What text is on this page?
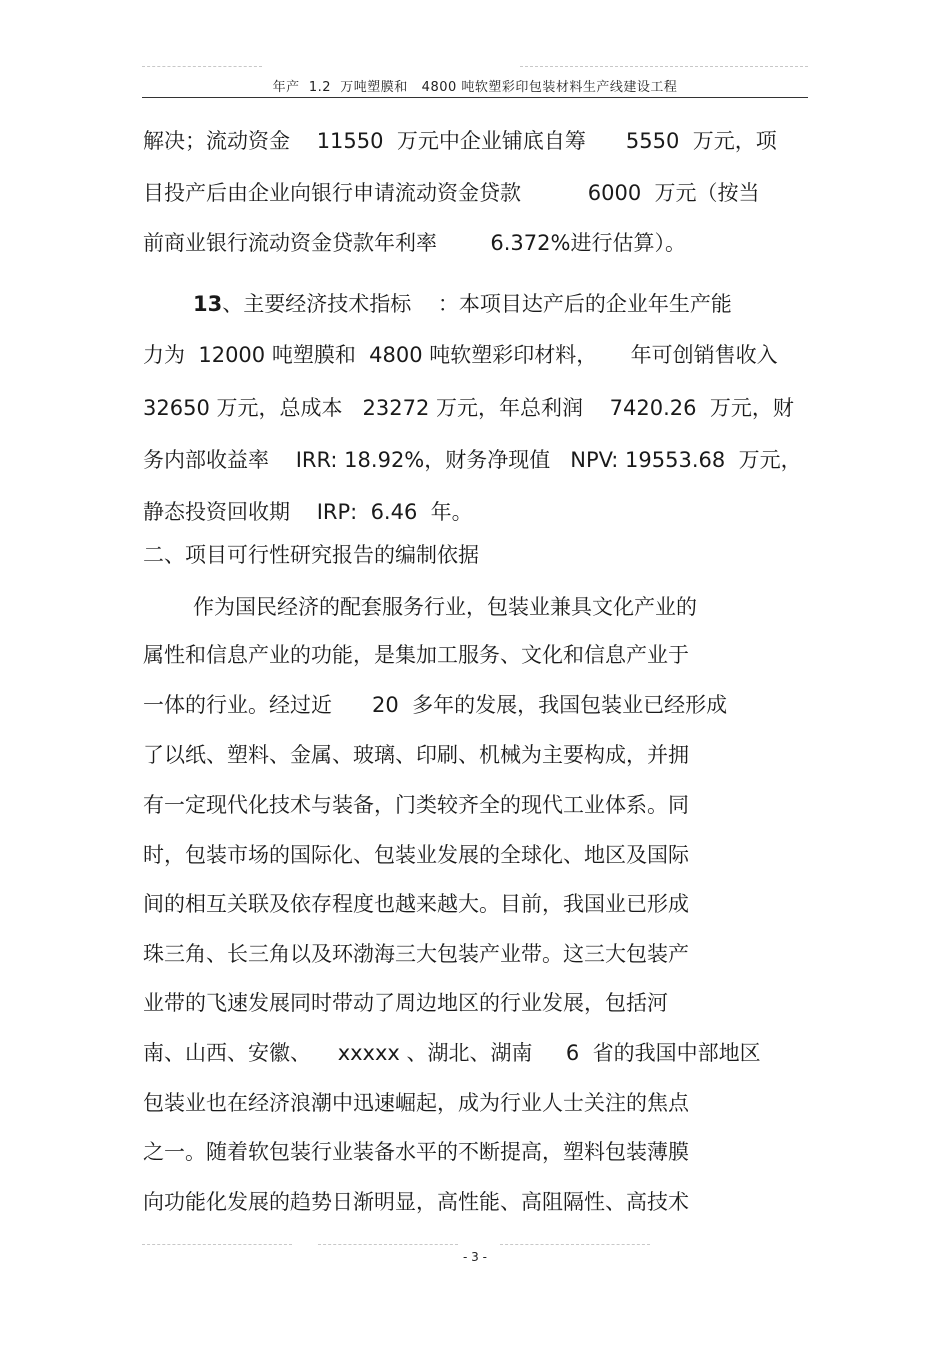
年产  1.2  万吨塑膜和   4800 吨软塑彩印包装材料生产线建设工程
解决；流动资金    11550  万元中企业铺底自筹      5550  万元，项
目投产后由企业向银行申请流动资金贷款          6000  万元（按当
前商业银行流动资金贷款年利率        6.372%进行估算）。
13、主要经济技术指标    ：本项目达产后的企业年生产能
力为  12000 吨塑膜和  4800 吨软塑彩印材料，     年可创销售收入
32650 万元，总成本   23272 万元，年总利润    7420.26  万元，财
务内部收益率    IRR: 18.92%，财务净现值   NPV: 19553.68  万元，
静态投资回收期    IRP:  6.46  年。
二、项目可行性研究报告的编制依据
作为国民经济的配套服务行业，包装业兼具文化产业的
属性和信息产业的功能，是集加工服务、文化和信息产业于
一体的行业。经过近      20  多年的发展，我国包装业已经形成
了以纸、塑料、金属、玻璃、印刷、机械为主要构成，并拥
有一定现代化技术与装备，门类较齐全的现代工业体系。同
时，包装市场的国际化、包装业发展的全球化、地区及国际
间的相互关联及依存程度也越来越大。目前，我国业已形成
珠三角、长三角以及环渤海三大包装产业带。这三大包装产
业带的飞速发展同时带动了周边地区的行业发展，包括河
南、山西、安徽、    xxxxx 、湖北、湖南     6  省的我国中部地区
包装业也在经济浪潮中迅速崛起，成为行业人士关注的焦点
之一。随着软包装行业装备水平的不断提高，塑料包装薄膜
向功能化发展的趋势日渐明显，高性能、高阻隔性、高技术
- 3 -
